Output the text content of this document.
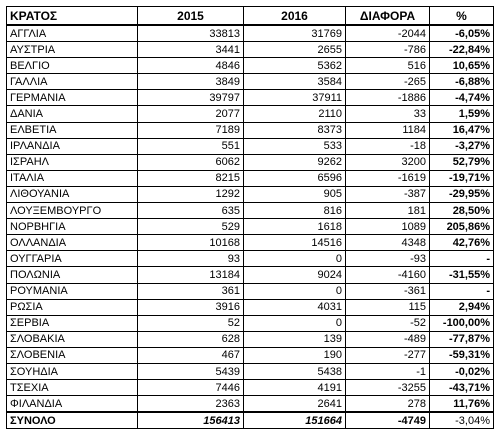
ΚΡΑΤΟΣ	2015	2016	ΔΙΑΦΟΡΑ	%
ΑΓΓΛΙΑ	33813	31769	-2044	-6,05%
ΑΥΣΤΡΙΑ	3441	2655	-786	-22,84%
ΒΕΛΓΙΟ	4846	5362	516	10,65%
ΓΑΛΛΙΑ	3849	3584	-265	-6,88%
ΓΕΡΜΑΝΙΑ	39797	37911	-1886	-4,74%
ΔΑΝΙΑ	2077	2110	33	1,59%
ΕΛΒΕΤΙΑ	7189	8373	1184	16,47%
ΙΡΛΑΝΔΙΑ	551	533	-18	-3,27%
ΙΣΡΑΗΛ	6062	9262	3200	52,79%
ΙΤΑΛΙΑ	8215	6596	-1619	-19,71%
ΛΙΘΟΥΑΝΙΑ	1292	905	-387	-29,95%
ΛΟΥΞΕΜΒΟΥΡΓΟ	635	816	181	28,50%
ΝΟΡΒΗΓΙΑ	529	1618	1089	205,86%
ΟΛΛΑΝΔΙΑ	10168	14516	4348	42,76%
ΟΥΓΓΑΡΙΑ	93	0	-93	-
ΠΟΛΩΝΙΑ	13184	9024	-4160	-31,55%
ΡΟΥΜΑΝΙΑ	361	0	-361	-
ΡΩΣΙΑ	3916	4031	115	2,94%
ΣΕΡΒΙΑ	52	0	-52	-100,00%
ΣΛΟΒΑΚΙΑ	628	139	-489	-77,87%
ΣΛΟΒΕΝΙΑ	467	190	-277	-59,31%
ΣΟΥΗΔΙΑ	5439	5438	-1	-0,02%
ΤΣΕΧΙΑ	7446	4191	-3255	-43,71%
ΦΙΛΑΝΔΙΑ	2363	2641	278	11,76%
ΣΥΝΟΛΟ	156413	151664	-4749	-3,04%
